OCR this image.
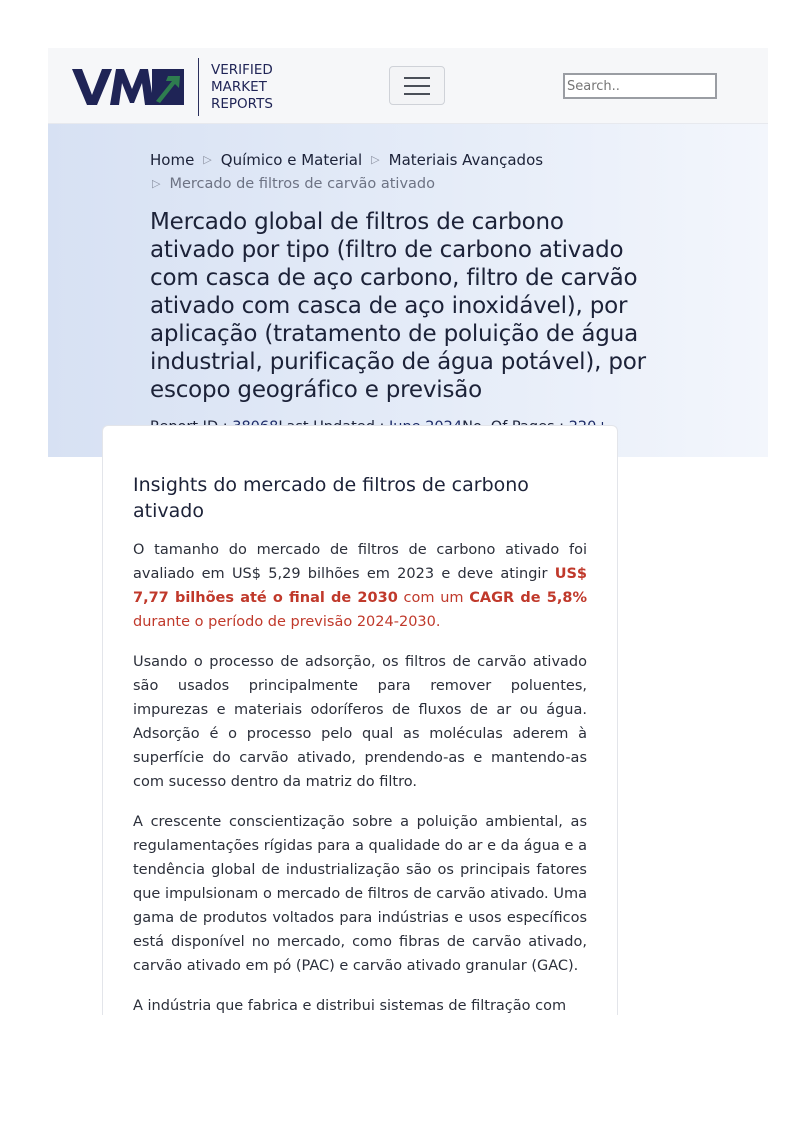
VERIFIED
MARKET
REPORTS
Search..
Home ▷ Químico e Material ▷ Materiais Avançados
▷ Mercado de filtros de carvão ativado
Mercado global de filtros de carbono ativado por tipo (filtro de carbono ativado com casca de aço carbono, filtro de carvão ativado com casca de aço inoxidável), por aplicação (tratamento de poluição de água industrial, purificação de água potável), por escopo geográfico e previsão
Insights do mercado de filtros de carbono ativado

O tamanho do mercado de filtros de carbono ativado foi avaliado em US$ 5,29 bilhões em 2023 e deve atingir US$ 7,77 bilhões até o final de 2030 com um CAGR de 5,8% durante o período de previsão 2024-2030.

Usando o processo de adsorção, os filtros de carvão ativado são usados principalmente para remover poluentes, impurezas e materiais odoríferos de fluxos de ar ou água. Adsorção é o processo pelo qual as moléculas aderem à superfície do carvão ativado, prendendo-as e mantendo-as com sucesso dentro da matriz do filtro.

A crescente conscientização sobre a poluição ambiental, as regulamentações rígidas para a qualidade do ar e da água e a tendência global de industrialização são os principais fatores que impulsionam o mercado de filtros de carvão ativado. Uma gama de produtos voltados para indústrias e usos específicos está disponível no mercado, como fibras de carvão ativado, carvão ativado em pó (PAC) e carvão ativado granular (GAC).

A indústria que fabrica e distribui sistemas de filtração com
